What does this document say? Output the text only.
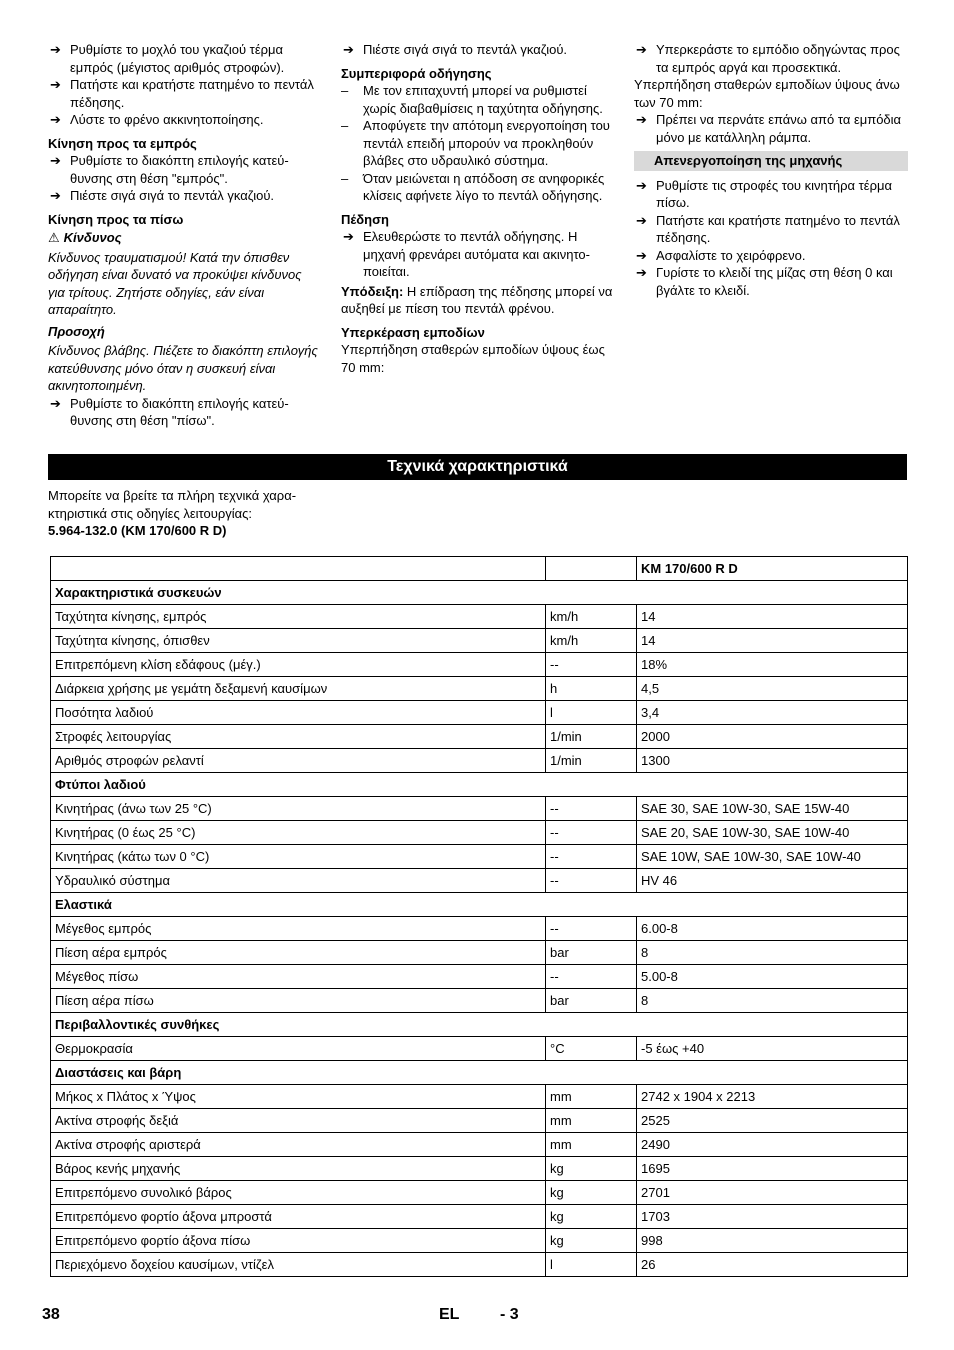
➔ Ρυθμίστε το μοχλό του γκαζιού τέρμα εμπρός (μέγιστος αριθμός στροφών).

➔ Πατήστε και κρατήστε πατημένο το πεντάλ πέδησης.

➔ Λύστε το φρένο ακκινητοποίησης.

Κίνηση προς τα εμπρός

➔ Ρυθμίστε το διακόπτη επιλογής κατεύθυνσης στη θέση "εμπρός".

➔ Πιέστε σιγά σιγά το πεντάλ γκαζιού.

Κίνηση προς τα πίσω

⚠ Κίνδυνος

Κίνδυνος τραυματισμού! Κατά την όπισθεν οδήγηση είναι δυνατό να προκύψει κίνδυνος για τρίτους. Ζητήστε οδηγίες, εάν είναι απαραίτητο.

Προσοχή

Κίνδυνος βλάβης. Πιέζετε το διακόπτη επιλογής κατεύθυνσης μόνο όταν η συσκευή είναι ακινητοποιημένη.

➔ Ρυθμίστε το διακόπτη επιλογής κατεύθυνσης στη θέση "πίσω".

➔ Πιέστε σιγά σιγά το πεντάλ γκαζιού.

Συμπεριφορά οδήγησης

– Με τον επιταχυντή μπορεί να ρυθμιστεί χωρίς διαβαθμίσεις η ταχύτητα οδήγησης.

– Αποφύγετε την απότομη ενεργοποίηση του πεντάλ επειδή μπορούν να προκληθούν βλάβες στο υδραυλικό σύστημα.

– Όταν μειώνεται η απόδοση σε ανηφορικές κλίσεις αφήνετε λίγο το πεντάλ οδήγησης.

Πέδηση

➔ Ελευθερώστε το πεντάλ οδήγησης. Η μηχανή φρενάρει αυτόματα και ακινητοποιείται.

Υπόδειξη: Η επίδραση της πέδησης μπορεί να αυξηθεί με πίεση του πεντάλ φρένου.

Υπερκέραση εμποδίων

Υπερπήδηση σταθερών εμποδίων ύψους έως 70 mm:

➔ Υπερκεράστε το εμπόδιο οδηγώντας προς τα εμπρός αργά και προσεκτικά.

Υπερπήδηση σταθερών εμποδίων ύψους άνω των 70 mm:

➔ Πρέπει να περνάτε επάνω από τα εμπόδια μόνο με κατάλληλη ράμπα.

Απενεργοποίηση της μηχανής

➔ Ρυθμίστε τις στροφές του κινητήρα τέρμα πίσω.

➔ Πατήστε και κρατήστε πατημένο το πεντάλ πέδησης.

➔ Ασφαλίστε το χειρόφρενο.

➔ Γυρίστε το κλειδί της μίζας στη θέση 0 και βγάλτε το κλειδί.

Τεχνικά χαρακτηριστικά

Μπορείτε να βρείτε τα πλήρη τεχνικά χαρακτηριστικά στις οδηγίες λειτουργίας:

5.964-132.0 (KM 170/600 R D)

		KM 170/600 R D
Χαρακτηριστικά συσκευών		
Ταχύτητα κίνησης, εμπρός	km/h	14
Ταχύτητα κίνησης, όπισθεν	km/h	14
Επιτρεπόμενη κλίση εδάφους (μέγ.)	--	18%
Διάρκεια χρήσης με γεμάτη δεξαμενή καυσίμων	h	4,5
Ποσότητα λαδιού	l	3,4
Στροφές λειτουργίας	1/min	2000
Αριθμός στροφών ρελαντί	1/min	1300
Φτύποι λαδιού		
Κινητήρας (άνω των 25 °C)	--	SAE 30, SAE 10W-30, SAE 15W-40
Κινητήρας (0 έως 25 °C)	--	SAE 20, SAE 10W-30, SAE 10W-40
Κινητήρας (κάτω των 0 °C)	--	SAE 10W, SAE 10W-30, SAE 10W-40
Υδραυλικό σύστημα	--	HV 46
Ελαστικά		
Μέγεθος εμπρός	--	6.00-8
Πίεση αέρα εμπρός	bar	8
Μέγεθος πίσω	--	5.00-8
Πίεση αέρα πίσω	bar	8
Περιβαλλοντικές συνθήκες		
Θερμοκρασία	°C	-5 έως +40
Διαστάσεις και βάρη		
Μήκος x Πλάτος x Ύψος	mm	2742 x 1904 x 2213
Ακτίνα στροφής δεξιά	mm	2525
Ακτίνα στροφής αριστερά	mm	2490
Βάρος κενής μηχανής	kg	1695
Επιτρεπόμενο συνολικό βάρος	kg	2701
Επιτρεπόμενο φορτίο άξονα μπροστά	kg	1703
Επιτρεπόμενο φορτίο άξονα πίσω	kg	998
Περιεχόμενο δοχείου καυσίμων, ντίζελ	l	26
38	EL	- 3
